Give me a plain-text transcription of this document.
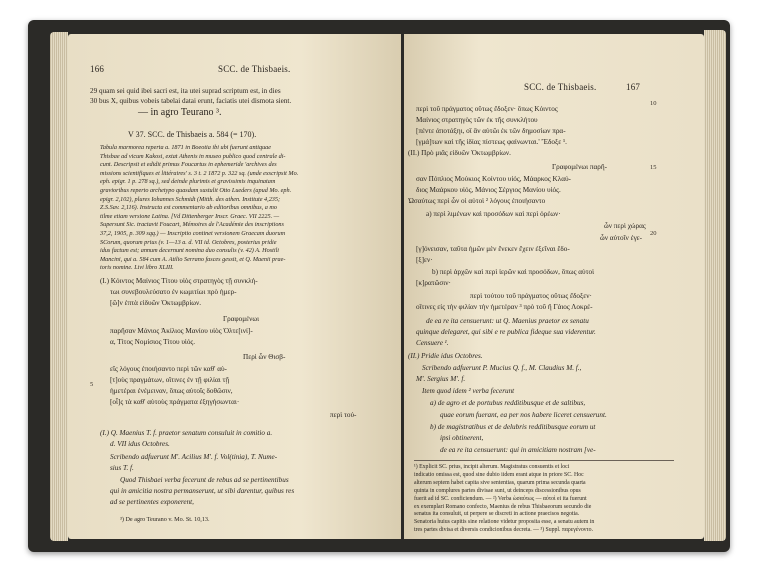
166	SCC. de Thisbaeis.
29 quam sei quid ibei sacri est, ita utei suprad scriptum est, in dies
30 bus X, quibus vobeis tabelai datai erunt, faciatis utei dismota sient.
— in agro Teurano ³.
V 37. SCC. de Thisbaeis a. 584 (= 170).

Tabula marmorea reperta a. 1871 in Boeotia ibi ubi fuerunt antiquae

Thisbae ad vicum Kakosi, extat Athenis in museo publico quod centrale di-

cunt. Descripsit et edidit primus Foucartus in ephemeride 'archives des

missions scientifiques et littéraires' s. 3 t. 2 1872 p. 322 sq. (unde exscripsit Mo.

eph. epigr. 1 p. 278 sq.), sed deinde plurimis et gravissimis inquinatam

gravioribus reperto archetypo quasdam sustulit Otto Lueders (apud Mo. eph.

epigr. 2,102), plures Iohannes Schmidt (Mitth. des athen. Institute 4,235;

Z.S.Sav. 2,116). Instructa est commentario ab editoribus omnibus, a mo

tilme etiam versione Latina. [Vd Dittenberger Inscr. Graec. VII 2225. —

Supersunt Sic. tractavit Foucart, Mémoires de l'Académie des inscriptions

37,2, 1905, p. 309 sqq.) — Inscriptio continet versionem Graecam duorum

SCorum, quorum prius (v. 1—13 a. d. VII id. Octobres, posterius pridie

idus factum est; annum decernunt nomina duo consulis (v. 42) A. Hostili

Mancini, qui a. 584 cum A. Atilio Serrano fasces gessit, et Q. Maenii prae-

toris nomine. Livi libro XLIII.

(I.) Κόιντος Μαίνιος Τίτου υἱὸς στρατηγὸς τῇ συνκλή-
τωι συνεβουλεύσατο ἐν κωμιτίωι πρὸ ἡμερ-
[ῶ]ν ἑπτὰ εἰδυῶν Ὀκτωμβρίων.
Γραφομένωι
παρῆσαν Μάνιος Ἀκίλιος Μανίου υἱὸς Ὀλτε[ινί]-
α, Τίτος Νομίσιος Τίτου υἱός.
Περὶ ὧν Θισβ-
εῖς λόγους ἐποιήσαντο περὶ τῶν καθ' αὑ-
[τ]οὺς πραγμάτων, οἵτινες ἐν τῇ φιλίαι τῇ
ἡμετέραι ἐνέμειναν, ὅπως αὐτοῖς δοθῶσιν,
[οἷ]ς τὰ καθ' αὑτοὺς πράγματα ἐξηγήσωνται·
περὶ τού-
5
(I.) Q. Maenius T. f. praetor senatum consuluit in comitio a.
d. VII idus Octobres.
Scribendo adfuerunt M'. Acilius M'. f. Vol(tinia), T. Nume-
sius T. f.
Quod Thisbaei verba fecerunt de rebus ad se pertinentibus
qui in amicitia nostra permanserunt, ut sibi darentur, quibus res
ad se pertinentes exponerent,
³) De agro Teurano v. Mo. St. 10,13.
SCC. de Thisbaeis.	167
10
15
20
περὶ τοῦ πράγματος οὕτως ἔδοξεν· ὅπως Κόιντος
Μαίνιος στρατηγὸς τῶν ἐκ τῆς συνκλήτου
[πέντε ἀποτάξηι, οἳ ἂν αὐτῶι ἐκ τῶν δημοσίων πρα-
[γμά]των καὶ τῆς ἰδίας πίστεως φαίνωνται.' Ἔδοξε ¹.
(II.) Πρὸ μιᾶς εἰδυῶν Ὀκτωμβρίων.
Γραφομένωι παρῆ-
σαν Πόπλιος Μούκιος Κοίντου υἱός, Μάαρκος Κλαύ-
διος Μαάρκου υἱός, Μάνιος Σέργιος Μανίου υἱός.
Ὡσαύτως περὶ ὧν οἱ αὐτοὶ ² λόγους ἐποιήσαντο
a) περὶ λιμένων καὶ προσόδων καὶ περὶ ὀρέων·
ὧν περὶ χώρας
ὧν αὐτοῖν ἐγε-
[γ]όνεισαν, ταῦτα ἡμῶν μὲν ἕνεκεν ἔχειν ἐξεῖναι ἔδο-
[ξ]εν·
b) περὶ ἀρχῶν καὶ περὶ ἱερῶν καὶ προσόδων, ὅπως αὐτοὶ
[κ]ρατῶσιν·
περὶ τούτου τοῦ πράγματος οὕτως ἔδοξεν·
οἵτινες εἰς τὴν φιλίαν τὴν ἡμετέραν ³ πρὸ τοῦ ἢ Γάιος Λοκρέ-
de ea re ita censuerunt: ut Q. Maenius praetor ex senatu
quinque delegaret, qui sibi e re publica fideque sua viderentur.
Censuere ¹.
(II.) Pridie idus Octobres.
Scribendo adfuerunt P. Mucius Q. f., M. Claudius M. f.,
M'. Sergius M'. f.
Item quod idem ² verba fecerunt
a) de agro et de portubus redditibusque et de saltibus,
quae eorum fuerant, ea per nos habere liceret censuerunt.
b) de magistratibus et de delubris redditibusque eorum ut
ipsi obtinerent,
de ea re ita censuerunt: qui in amicitiam nostram [ve-

¹) Explicit SC. prius, incipit alterum. Magistratus consuentis et loci

indicatio omissa est, quod sine dubio iidem erant atque in priore SC. Hoc

alterum septem habet capita sive sententias, quarum prima secunda quarta

quinta in complures partes divisae sunt, ut deinceps discessionibus opus

fuerit ad id SC. conficiendum. — ²) Verba ὡσαύτως — αὐτοὶ ei ita fuerunt

ex exemplari Romano confecto, Maenius de rebus Thisbaeorum secundo die

senatus ita consuluit, ut perpere se discreti in actione praecisos negotia.

Senatoria huius capitis sine relatione videtur proposita esse, a senatu autem in

tres partes divisa et diversis condicionibus decreta. — ³) Suppl. παρεγένοντο.
